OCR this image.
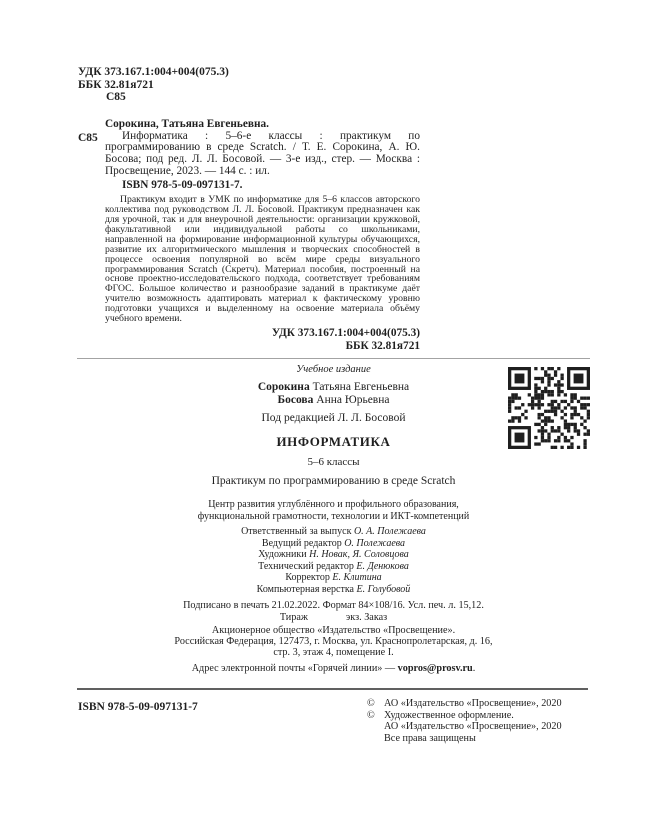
УДК 373.167.1:004+004(075.3)
ББК 32.81я721
С85
С85
Сорокина, Татьяна Евгеньевна.

Информатика : 5–6-е классы : практикум по программированию в среде Scratch. / Т. Е. Сорокина, А. Ю. Босова; под ред. Л. Л. Босовой. — 3-е изд., стер. — Москва : Просвещение, 2023. — 144 с. : ил.

ISBN 978-5-09-097131-7.

Практикум входит в УМК по информатике для 5–6 классов авторского коллектива под руководством Л. Л. Босовой. Практикум предназначен как для урочной, так и для внеурочной деятельности: организации кружковой, факультативной или индивидуальной работы со школьниками, направленной на формирование информационной культуры обучающихся, развитие их алгоритмического мышления и творческих способностей в процессе освоения популярной во всём мире среды визуального программирования Scratch (Скретч). Материал пособия, построенный на основе проектно-исследовательского подхода, соответствует требованиям ФГОС. Большое количество и разнообразие заданий в практикуме даёт учителю возможность адаптировать материал к фактическому уровню подготовки учащихся и выделенному на освоение материала объёму учебного времени.

УДК 373.167.1:004+004(075.3)
ББК 32.81я721
Учебное издание
Сорокина Татьяна Евгеньевна
Босова Анна Юрьевна
Под редакцией Л. Л. Босовой
ИНФОРМАТИКА
5–6 классы
Практикум по программированию в среде Scratch
Центр развития углублённого и профильного образования,
функциональной грамотности, технологии и ИКТ-компетенций
Ответственный за выпуск О. А. Полежаева
Ведущий редактор О. Полежаева
Художники Н. Новак, Я. Соловцова
Технический редактор Е. Денюкова
Корректор Е. Клитина
Компьютерная верстка Е. Голубовой
Подписано в печать 21.02.2022. Формат 84×108/16. Усл. печ. л. 15,12.
Тираж	экз. Заказ
Акционерное общество «Издательство «Просвещение».
Российская Федерация, 127473, г. Москва, ул. Краснопролетарская, д. 16,
стр. 3, этаж 4, помещение I.
Адрес электронной почты «Горячей линии» — vopros@prosv.ru.
ISBN 978-5-09-097131-7	© АО «Издательство «Просвещение», 2020
© Художественное оформление.
АО «Издательство «Просвещение», 2020
Все права защищены
